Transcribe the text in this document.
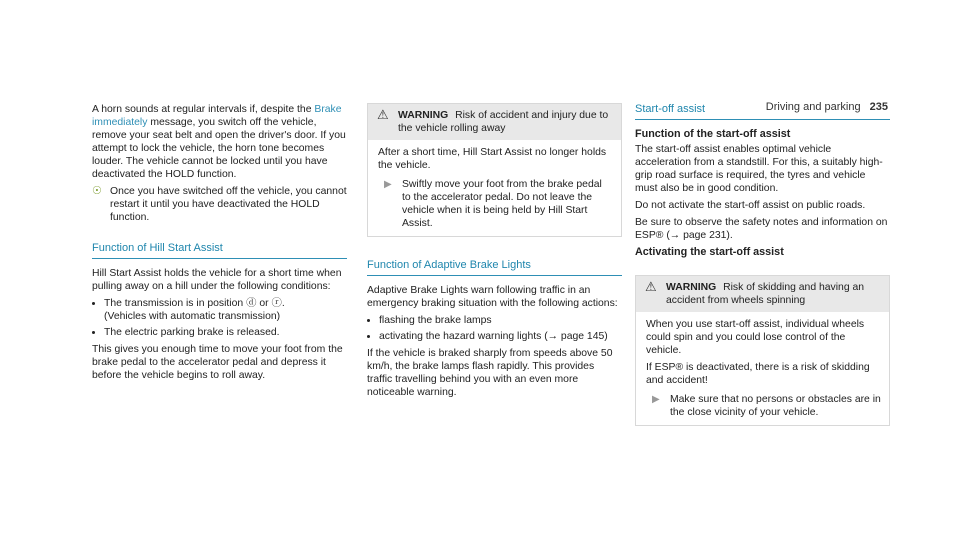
Driving and parking 235

A horn sounds at regular intervals if, despite the Brake immediately message, you switch off the vehicle, remove your seat belt and open the driver's door. If you attempt to lock the vehicle, the horn tone becomes louder. The vehicle cannot be locked until you have deactivated the HOLD function.

☉ Once you have switched off the vehicle, you cannot restart it until you have deactivated the HOLD function.
Function of Hill Start Assist

Hill Start Assist holds the vehicle for a short time when pulling away on a hill under the following conditions:

• The transmission is in position ⓓ or ⓡ.
(Vehicles with automatic transmission)
• The electric parking brake is released.

This gives you enough time to move your foot from the brake pedal to the accelerator pedal and depress it before the vehicle begins to roll away.

⚠ WARNING Risk of accident and injury due to the vehicle rolling away
After a short time, Hill Start Assist no longer holds the vehicle.
▶ Swiftly move your foot from the brake pedal to the accelerator pedal. Do not leave the vehicle when it is being held by Hill Start Assist.
Function of Adaptive Brake Lights

Adaptive Brake Lights warn following traffic in an emergency braking situation with the following actions:

• flashing the brake lamps
• activating the hazard warning lights (→ page 145)

If the vehicle is braked sharply from speeds above 50 km/h, the brake lamps flash rapidly. This provides traffic travelling behind you with an even more noticeable warning.

Start-off assist
Function of the start-off assist

The start-off assist enables optimal vehicle acceleration from a standstill. For this, a suitably high-grip road surface is required, the tyres and vehicle must also be in good condition.

Do not activate the start-off assist on public roads.

Be sure to observe the safety notes and information on ESP® (→ page 231).

Activating the start-off assist
⚠ WARNING Risk of skidding and having an accident from wheels spinning

When you use start-off assist, individual wheels could spin and you could lose control of the vehicle.

If ESP® is deactivated, there is a risk of skidding and accident!

▶ Make sure that no persons or obstacles are in the close vicinity of your vehicle.
